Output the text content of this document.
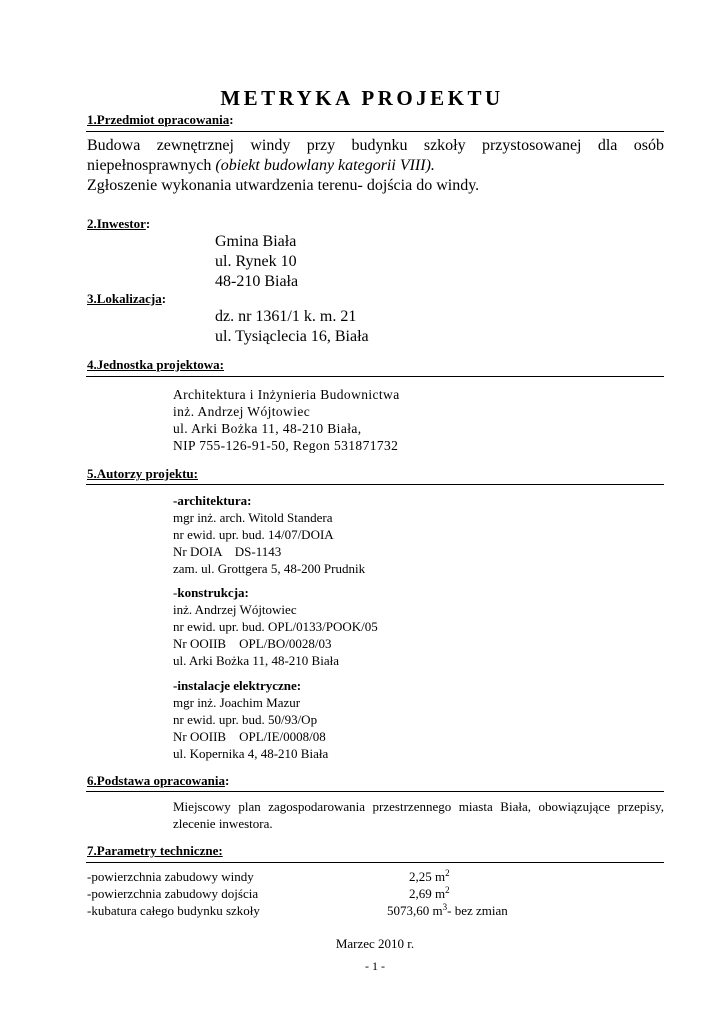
METRYKA PROJEKTU
1.Przedmiot opracowania:
Budowa zewnętrznej windy przy budynku szkoły przystosowanej dla osób niepełnosprawnych (obiekt budowlany kategorii VIII).
Zgłoszenie wykonania utwardzenia terenu- dojścia do windy.
2.Inwestor:
Gmina Biała
ul. Rynek 10
48-210 Biała
3.Lokalizacja:
dz. nr 1361/1 k. m. 21
ul. Tysiąclecia 16, Biała
4.Jednostka projektowa:
Architektura i Inżynieria Budownictwa
inż. Andrzej Wójtowiec
ul. Arki Bożka 11, 48-210 Biała,
NIP 755-126-91-50, Regon 531871732
5.Autorzy projektu:
-architektura:
mgr inż. arch. Witold Standera
nr ewid. upr. bud. 14/07/DOIA
Nr DOIA    DS-1143
zam. ul. Grottgera 5, 48-200 Prudnik
-konstrukcja:
inż. Andrzej Wójtowiec
nr ewid. upr. bud. OPL/0133/POOK/05
Nr OOIIB    OPL/BO/0028/03
ul. Arki Bożka 11, 48-210 Biała
-instalacje elektryczne:
mgr inż. Joachim Mazur
nr ewid. upr. bud. 50/93/Op
Nr OOIIB    OPL/IE/0008/08
ul. Kopernika 4, 48-210 Biała
6.Podstawa opracowania:
Miejscowy plan zagospodarowania przestrzennego miasta Biała, obowiązujące przepisy, zlecenie inwestora.
7.Parametry techniczne:
-powierzchnia zabudowy windy	2,25 $m^2$
-powierzchnia zabudowy dojścia	2,69 $m^2$
-kubatura całego budynku szkoły	5073,60 $m^3-$ bez zmian
Marzec 2010 r.
- 1 -
